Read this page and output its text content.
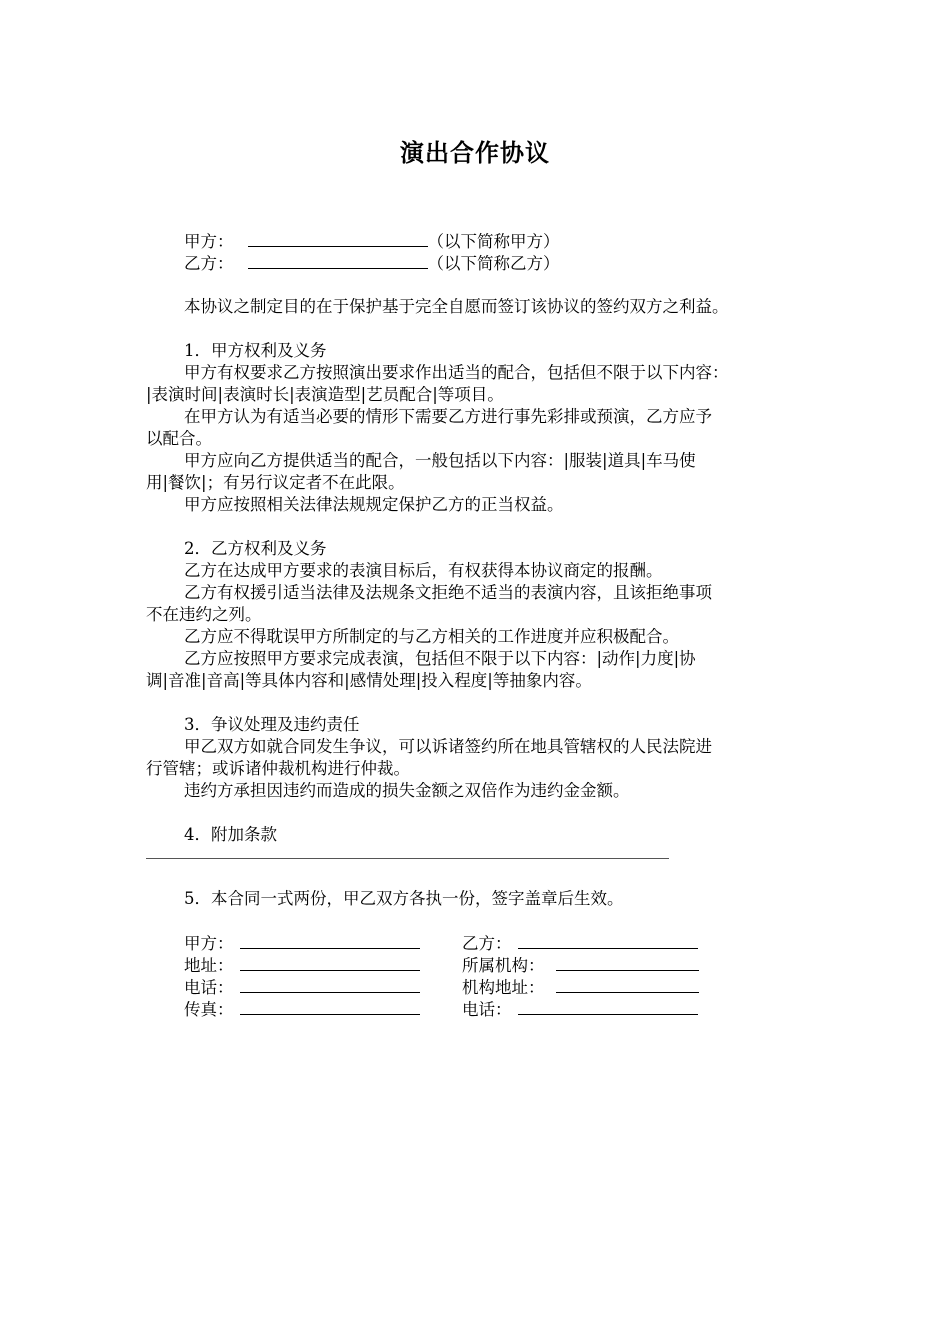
演出合作协议
甲方：	（以下简称甲方）
乙方：	（以下简称乙方）
本协议之制定目的在于保护基于完全自愿而签订该协议的签约双方之利益。
1．甲方权利及义务
甲方有权要求乙方按照演出要求作出适当的配合，包括但不限于以下内容：
|表演时间|表演时长|表演造型|艺员配合|等项目。
在甲方认为有适当必要的情形下需要乙方进行事先彩排或预演，乙方应予
以配合。
甲方应向乙方提供适当的配合，一般包括以下内容：|服装|道具|车马使
用|餐饮|；有另行议定者不在此限。
甲方应按照相关法律法规规定保护乙方的正当权益。
2．乙方权利及义务
乙方在达成甲方要求的表演目标后，有权获得本协议商定的报酬。
乙方有权援引适当法律及法规条文拒绝不适当的表演内容，且该拒绝事项
不在违约之列。
乙方应不得耽误甲方所制定的与乙方相关的工作进度并应积极配合。
乙方应按照甲方要求完成表演，包括但不限于以下内容：|动作|力度|协
调|音准|音高|等具体内容和|感情处理|投入程度|等抽象内容。
3．争议处理及违约责任
甲乙双方如就合同发生争议，可以诉诸签约所在地具管辖权的人民法院进
行管辖；或诉诸仲裁机构进行仲裁。
违约方承担因违约而造成的损失金额之双倍作为违约金金额。
4．附加条款
5．本合同一式两份，甲乙双方各执一份，签字盖章后生效。
甲方：
地址：
电话：
传真：
乙方：
所属机构：
机构地址：
电话：
